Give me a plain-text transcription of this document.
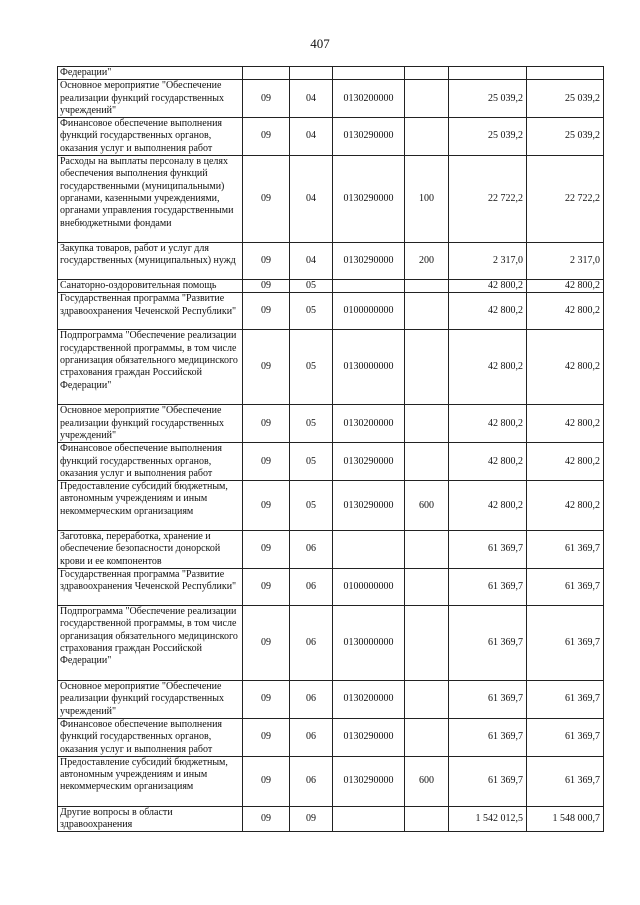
407
Федерации"						
Основное мероприятие "Обеспечение реализации функций государственных учреждений"	09	04	0130200000		25 039,2	25 039,2
Финансовое обеспечение выполнения функций государственных органов, оказания услуг и выполнения работ	09	04	0130290000		25 039,2	25 039,2
Расходы на выплаты персоналу в целях обеспечения выполнения функций государственными (муниципальными) органами, казенными учреждениями, органами управления государственными внебюджетными фондами	09	04	0130290000	100	22 722,2	22 722,2
Закупка товаров, работ и услуг для государственных (муниципальных) нужд	09	04	0130290000	200	2 317,0	2 317,0
Санаторно-оздоровительная помощь	09	05			42 800,2	42 800,2
Государственная программа "Развитие здравоохранения Чеченской Республики"	09	05	0100000000		42 800,2	42 800,2
Подпрограмма "Обеспечение реализации государственной программы, в том числе организация обязательного медицинского страхования граждан Российской Федерации"	09	05	0130000000		42 800,2	42 800,2
Основное мероприятие "Обеспечение реализации функций государственных учреждений"	09	05	0130200000		42 800,2	42 800,2
Финансовое обеспечение выполнения функций государственных органов, оказания услуг и выполнения работ	09	05	0130290000		42 800,2	42 800,2
Предоставление субсидий бюджетным, автономным учреждениям и иным некоммерческим организациям	09	05	0130290000	600	42 800,2	42 800,2
Заготовка, переработка, хранение и обеспечение безопасности донорской крови и ее компонентов	09	06			61 369,7	61 369,7
Государственная программа "Развитие здравоохранения Чеченской Республики"	09	06	0100000000		61 369,7	61 369,7
Подпрограмма "Обеспечение реализации государственной программы, в том числе организация обязательного медицинского страхования граждан Российской Федерации"	09	06	0130000000		61 369,7	61 369,7
Основное мероприятие "Обеспечение реализации функций государственных учреждений"	09	06	0130200000		61 369,7	61 369,7
Финансовое обеспечение выполнения функций государственных органов, оказания услуг и выполнения работ	09	06	0130290000		61 369,7	61 369,7
Предоставление субсидий бюджетным, автономным учреждениям и иным некоммерческим организациям	09	06	0130290000	600	61 369,7	61 369,7
Другие вопросы в области здравоохранения	09	09			1 542 012,5	1 548 000,7
